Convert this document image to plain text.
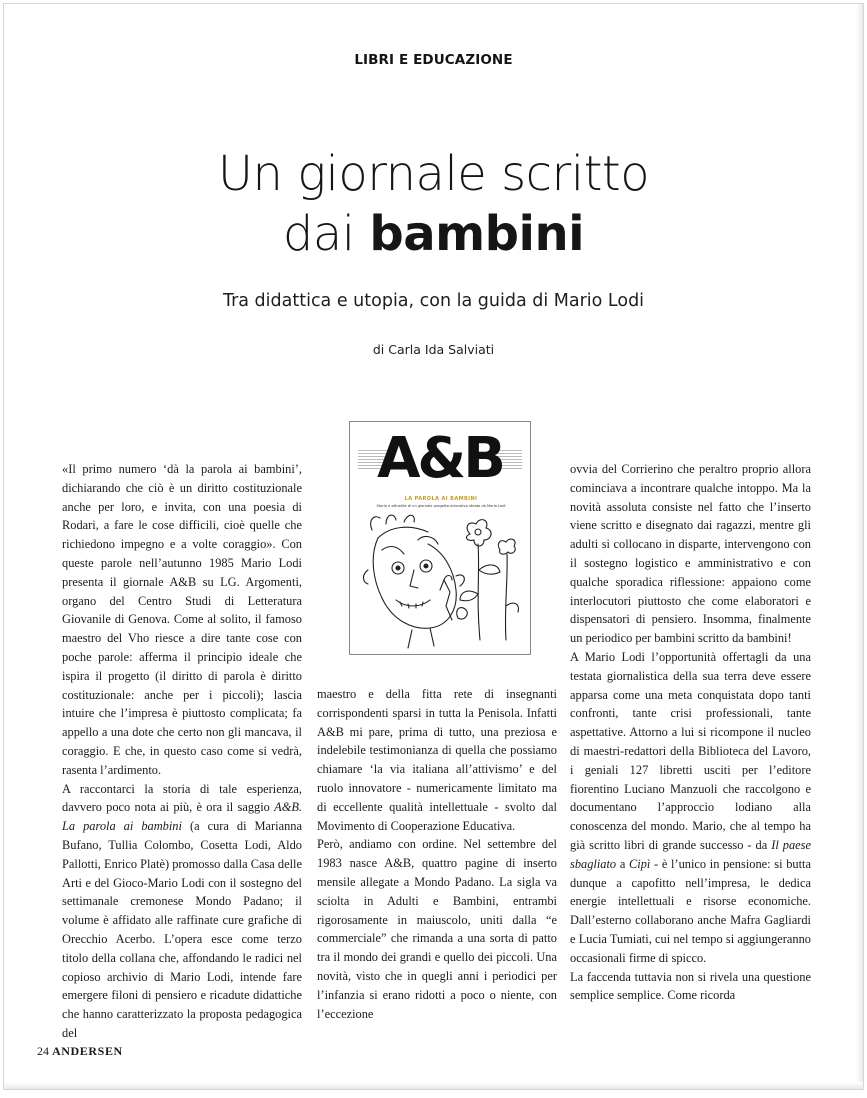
LIBRI E EDUCAZIONE
Un giornale scritto
dai bambini
Tra didattica e utopia, con la guida di Mario Lodi
di Carla Ida Salviati

«Il primo numero ‘dà la parola ai bambini’, dichiarando che ciò è un diritto costituzionale anche per loro, e invita, con una poesia di Rodari, a fare le cose difficili, cioè quelle che richiedono impegno e a volte coraggio». Con queste parole nell’autunno 1985 Mario Lodi presenta il giornale A&B su LG. Argomenti, organo del Centro Studi di Letteratura Giovanile di Genova. Come al solito, il famoso maestro del Vho riesce a dire tante cose con poche parole: afferma il principio ideale che ispira il progetto (il diritto di parola è diritto costituzionale: anche per i piccoli); lascia intuire che l’impresa è piuttosto complicata; fa appello a una dote che certo non gli mancava, il coraggio. E che, in questo caso come si vedrà, rasenta l’ardimento.

A raccontarci la storia di tale esperienza, davvero poco nota ai più, è ora il saggio A&B. La parola ai bambini (a cura di Marianna Bufano, Tullia Colombo, Cosetta Lodi, Aldo Pallotti, Enrico Platè) promosso dalla Casa delle Arti e del Gioco-Mario Lodi con il sostegno del settimanale cremonese Mondo Padano; il volume è affidato alle raffinate cure grafiche di Orecchio Acerbo. L’opera esce come terzo titolo della collana che, affondando le radici nel copioso archivio di Mario Lodi, intende fare emergere filoni di pensiero e ricadute didattiche che hanno caratterizzato la proposta pedagogica del

A&B
LA PAROLA AI BAMBINI
Storia e attualità di un giornale progetto educativo ideato da Mario Lodi

maestro e della fitta rete di insegnanti corrispondenti sparsi in tutta la Penisola. Infatti A&B mi pare, prima di tutto, una preziosa e indelebile testimonianza di quella che possiamo chiamare ‘la via italiana all’attivismo’ e del ruolo innovatore - numericamente limitato ma di eccellente qualità intellettuale - svolto dal Movimento di Cooperazione Educativa.

Però, andiamo con ordine. Nel settembre del 1983 nasce A&B, quattro pagine di inserto mensile allegate a Mondo Padano. La sigla va sciolta in Adulti e Bambini, entrambi rigorosamente in maiuscolo, uniti dalla “e commerciale” che rimanda a una sorta di patto tra il mondo dei grandi e quello dei piccoli. Una novità, visto che in quegli anni i periodici per l’infanzia si erano ridotti a poco o niente, con l’eccezione

ovvia del Corrierino che peraltro proprio allora cominciava a incontrare qualche intoppo. Ma la novità assoluta consiste nel fatto che l’inserto viene scritto e disegnato dai ragazzi, mentre gli adulti si collocano in disparte, intervengono con il sostegno logistico e amministrativo e con qualche sporadica riflessione: appaiono come interlocutori piuttosto che come elaboratori e dispensatori di pensiero. Insomma, finalmente un periodico per bambini scritto da bambini!

A Mario Lodi l’opportunità offertagli da una testata giornalistica della sua terra deve essere apparsa come una meta conquistata dopo tanti confronti, tante crisi professionali, tante aspettative. Attorno a lui si ricompone il nucleo di maestri-redattori della Biblioteca del Lavoro, i geniali 127 libretti usciti per l’editore fiorentino Luciano Manzuoli che raccolgono e documentano l’approccio lodiano alla conoscenza del mondo. Mario, che al tempo ha già scritto libri di grande successo - da Il paese sbagliato a Cipì - è l’unico in pensione: si butta dunque a capofitto nell’impresa, le dedica energie intellettuali e risorse economiche. Dall’esterno collaborano anche Mafra Gagliardi e Lucia Tumiati, cui nel tempo si aggiungeranno occasionali firme di spicco.

La faccenda tuttavia non si rivela una questione semplice semplice. Come ricorda

24 ANDERSEN
